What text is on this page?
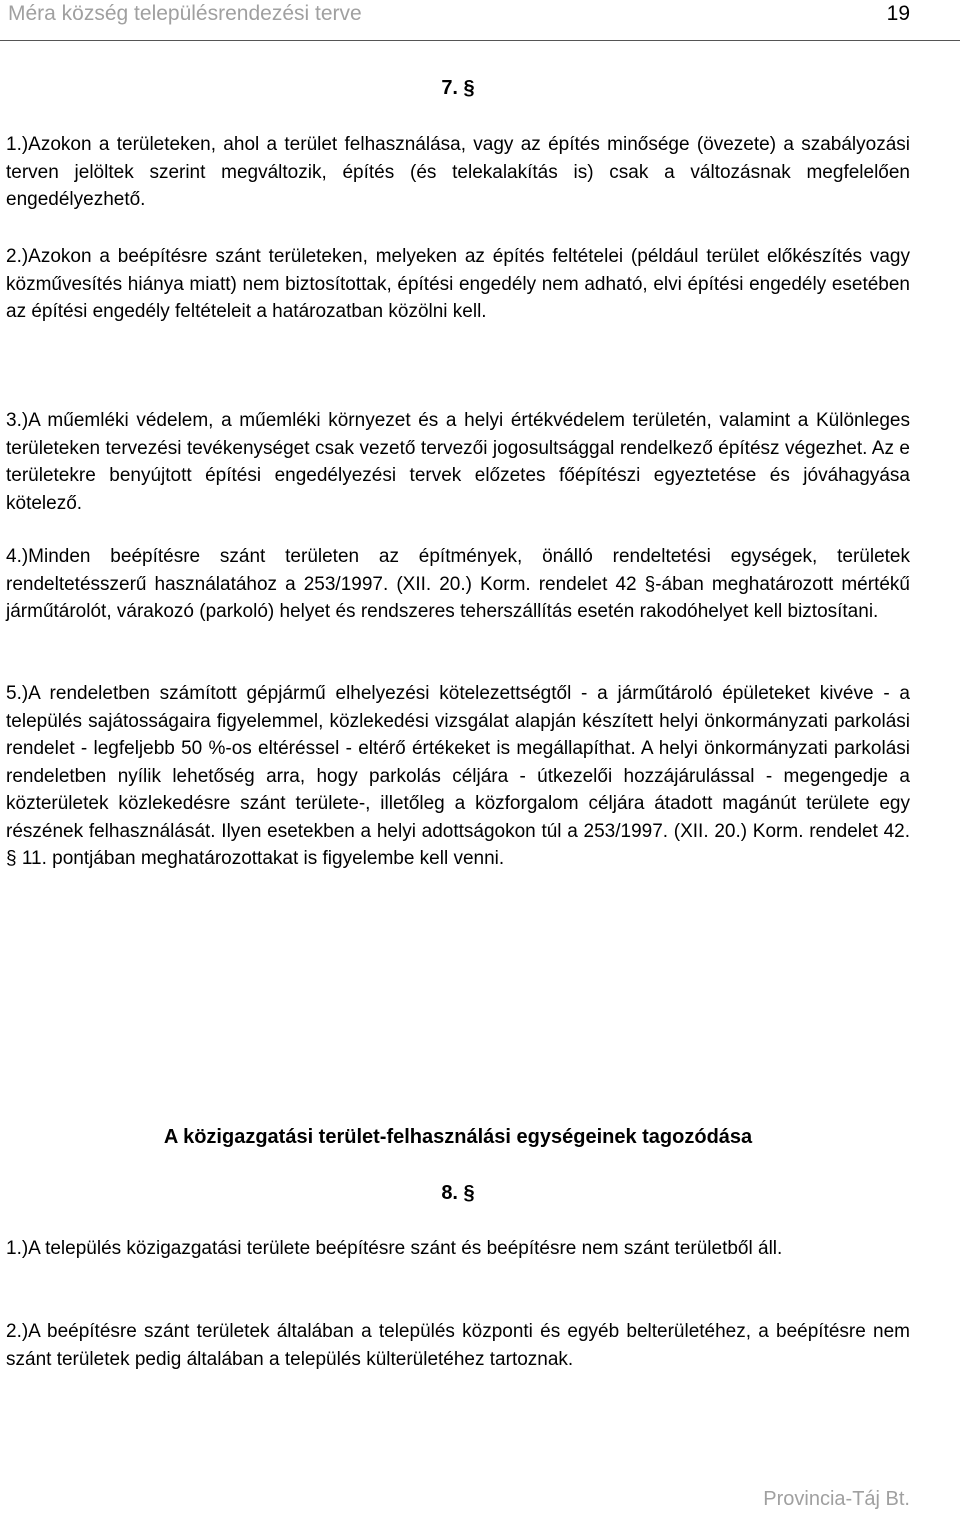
Méra község településrendezési terve	19
7. §

1.)Azokon a területeken, ahol a terület felhasználása, vagy az építés minősége (övezete) a szabályozási terven jelöltek szerint megváltozik, építés (és telekalakítás is) csak a változásnak megfelelően engedélyezhető.

2.)Azokon a beépítésre szánt területeken, melyeken az építés feltételei (például terület előkészítés vagy közművesítés hiánya miatt) nem biztosítottak, építési engedély nem adható, elvi építési engedély esetében az építési engedély feltételeit a határozatban közölni kell.

3.)A műemléki védelem, a műemléki környezet és a helyi értékvédelem területén, valamint a Különleges területeken tervezési tevékenységet csak vezető tervezői jogosultsággal rendelkező építész végezhet. Az e területekre benyújtott építési engedélyezési tervek előzetes főépítészi egyeztetése és jóváhagyása kötelező.

4.)Minden beépítésre szánt területen az építmények, önálló rendeltetési egységek, területek rendeltetésszerű használatához a 253/1997. (XII. 20.) Korm. rendelet 42 §-ában meghatározott mértékű járműtárolót, várakozó (parkoló) helyet és rendszeres teherszállítás esetén rakodóhelyet kell biztosítani.

5.)A rendeletben számított gépjármű elhelyezési kötelezettségtől - a járműtároló épületeket kivéve - a település sajátosságaira figyelemmel, közlekedési vizsgálat alapján készített helyi önkormányzati parkolási rendelet - legfeljebb 50 %-os eltéréssel - eltérő értékeket is megállapíthat. A helyi önkormányzati parkolási rendeletben nyílik lehetőség arra, hogy parkolás céljára - útkezelői hozzájárulással - megengedje a közterületek közlekedésre szánt területe-, illetőleg a közforgalom céljára átadott magánút területe egy részének felhasználását. Ilyen esetekben a helyi adottságokon túl a 253/1997. (XII. 20.) Korm. rendelet 42. § 11. pontjában meghatározottakat is figyelembe kell venni.

A közigazgatási terület-felhasználási egységeinek tagozódása
8. §

1.)A település közigazgatási területe beépítésre szánt és beépítésre nem szánt területből áll.

2.)A beépítésre szánt területek általában a település központi és egyéb belterületéhez, a beépítésre nem szánt területek pedig általában a település külterületéhez tartoznak.

Provincia-Táj Bt.
